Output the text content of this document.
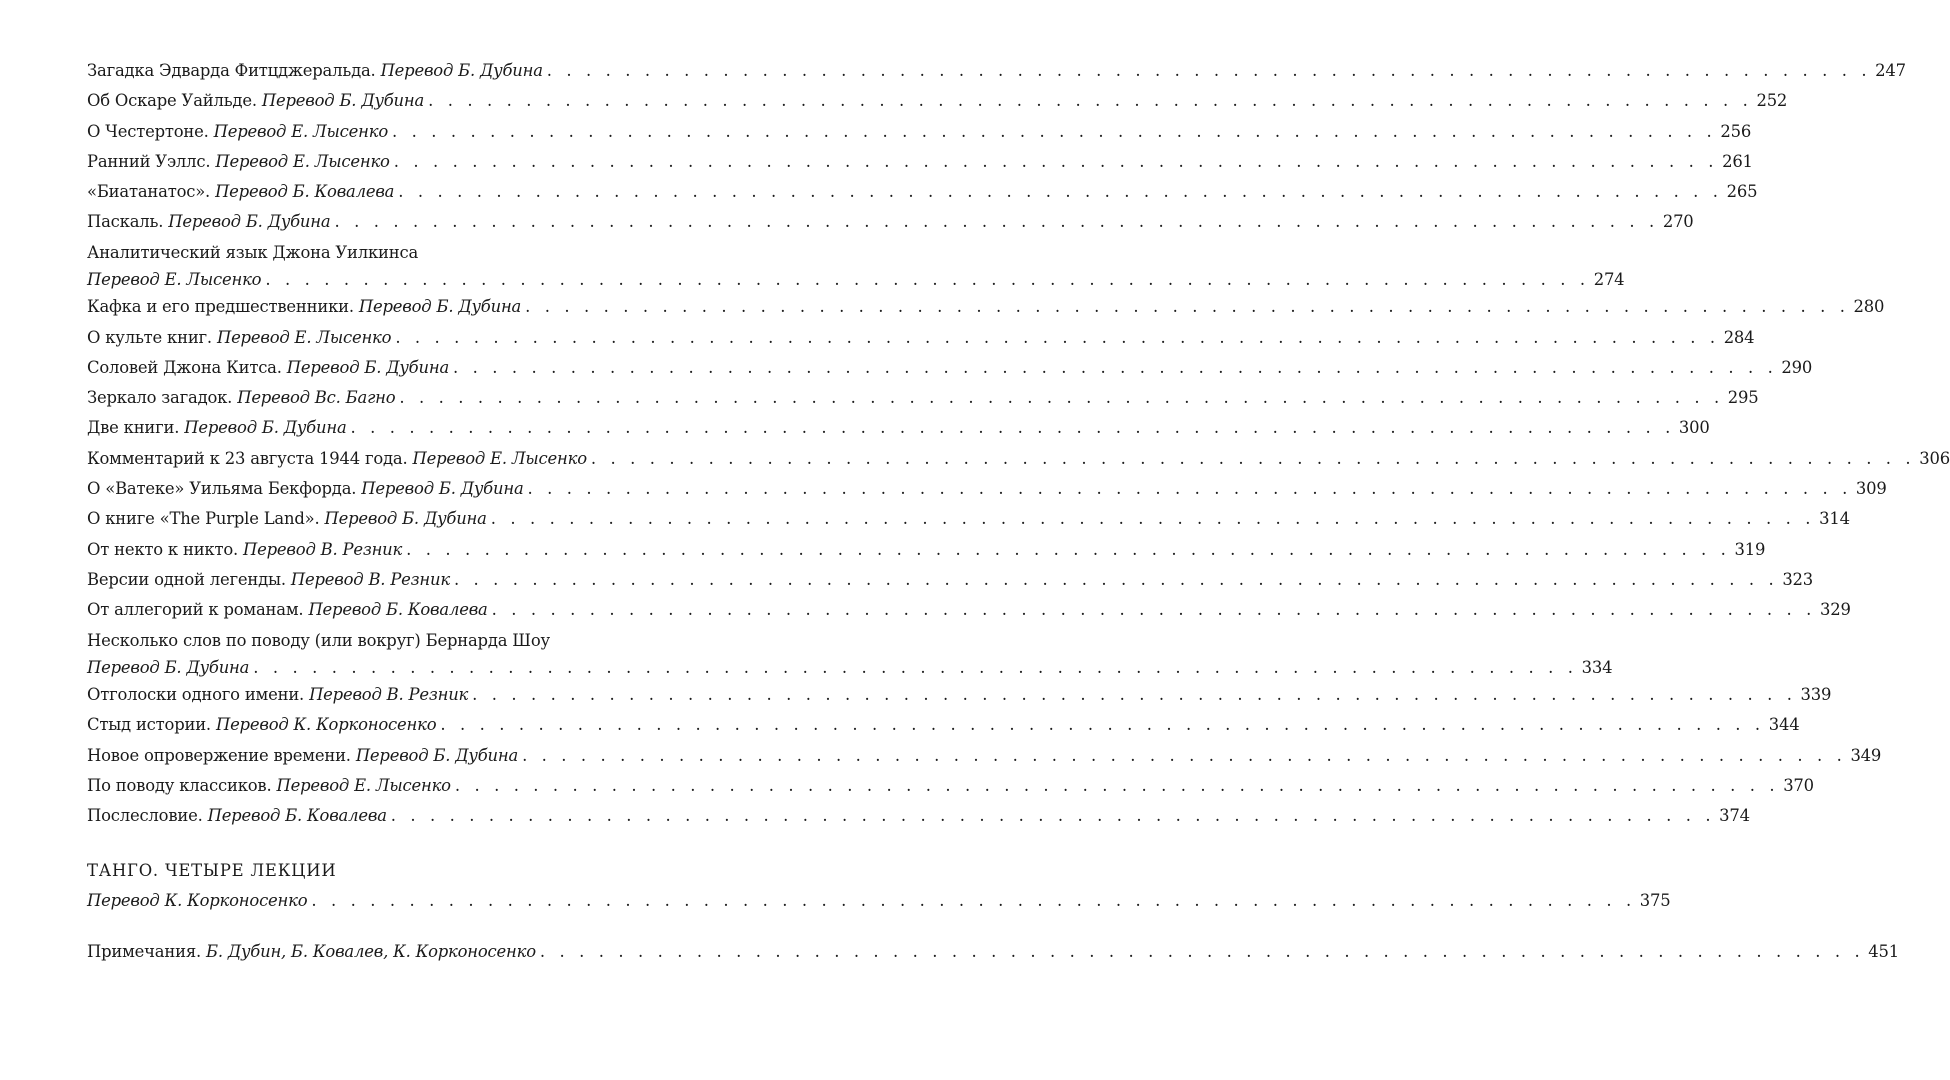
Загадка Эдварда Фитцджеральда. Перевод Б. Дубина . . . . . . . . . . . . . . . . . . . . . . . . . . . . . . . . . . . . . . . . . . . . . . . . . . . . . . . . . . . . . . . . . . . . 247
Об Оскаре Уайльде. Перевод Б. Дубина . . . . . . . . . . . . . . . . . . . . . . . . . . . . . . . . . . . . . . . . . . . . . . . . . . . . . . . . . . . . . . . . . . . . 252
О Честертоне. Перевод Е. Лысенко . . . . . . . . . . . . . . . . . . . . . . . . . . . . . . . . . . . . . . . . . . . . . . . . . . . . . . . . . . . . . . . . . . . . 256
Ранний Уэллс. Перевод Е. Лысенко . . . . . . . . . . . . . . . . . . . . . . . . . . . . . . . . . . . . . . . . . . . . . . . . . . . . . . . . . . . . . . . . . . . . 261
«Биатанатос». Перевод Б. Ковалева . . . . . . . . . . . . . . . . . . . . . . . . . . . . . . . . . . . . . . . . . . . . . . . . . . . . . . . . . . . . . . . . . . . . 265
Паскаль. Перевод Б. Дубина . . . . . . . . . . . . . . . . . . . . . . . . . . . . . . . . . . . . . . . . . . . . . . . . . . . . . . . . . . . . . . . . . . . . 270
Аналитический язык Джона Уилкинса
Перевод Е. Лысенко . . . . . . . . . . . . . . . . . . . . . . . . . . . . . . . . . . . . . . . . . . . . . . . . . . . . . . . . . . . . . . . . . . . . 274
Кафка и его предшественники. Перевод Б. Дубина . . . . . . . . . . . . . . . . . . . . . . . . . . . . . . . . . . . . . . . . . . . . . . . . . . . . . . . . . . . . . . . . . . . . 280
О культе книг. Перевод Е. Лысенко . . . . . . . . . . . . . . . . . . . . . . . . . . . . . . . . . . . . . . . . . . . . . . . . . . . . . . . . . . . . . . . . . . . . 284
Соловей Джона Китса. Перевод Б. Дубина . . . . . . . . . . . . . . . . . . . . . . . . . . . . . . . . . . . . . . . . . . . . . . . . . . . . . . . . . . . . . . . . . . . . 290
Зеркало загадок. Перевод Вс. Багно . . . . . . . . . . . . . . . . . . . . . . . . . . . . . . . . . . . . . . . . . . . . . . . . . . . . . . . . . . . . . . . . . . . . 295
Две книги. Перевод Б. Дубина . . . . . . . . . . . . . . . . . . . . . . . . . . . . . . . . . . . . . . . . . . . . . . . . . . . . . . . . . . . . . . . . . . . . 300
Комментарий к 23 августа 1944 года. Перевод Е. Лысенко . . . . . . . . . . . . . . . . . . . . . . . . . . . . . . . . . . . . . . . . . . . . . . . . . . . . . . . . . . . . . . . . . . . . 306
О «Ватеке» Уильяма Бекфорда. Перевод Б. Дубина . . . . . . . . . . . . . . . . . . . . . . . . . . . . . . . . . . . . . . . . . . . . . . . . . . . . . . . . . . . . . . . . . . . . 309
О книге «The Purple Land». Перевод Б. Дубина . . . . . . . . . . . . . . . . . . . . . . . . . . . . . . . . . . . . . . . . . . . . . . . . . . . . . . . . . . . . . . . . . . . . 314
От некто к никто. Перевод В. Резник . . . . . . . . . . . . . . . . . . . . . . . . . . . . . . . . . . . . . . . . . . . . . . . . . . . . . . . . . . . . . . . . . . . . 319
Версии одной легенды. Перевод В. Резник . . . . . . . . . . . . . . . . . . . . . . . . . . . . . . . . . . . . . . . . . . . . . . . . . . . . . . . . . . . . . . . . . . . . 323
От аллегорий к романам. Перевод Б. Ковалева . . . . . . . . . . . . . . . . . . . . . . . . . . . . . . . . . . . . . . . . . . . . . . . . . . . . . . . . . . . . . . . . . . . . 329
Несколько слов по поводу (или вокруг) Бернарда Шоу
Перевод Б. Дубина . . . . . . . . . . . . . . . . . . . . . . . . . . . . . . . . . . . . . . . . . . . . . . . . . . . . . . . . . . . . . . . . . . . . 334
Отголоски одного имени. Перевод В. Резник . . . . . . . . . . . . . . . . . . . . . . . . . . . . . . . . . . . . . . . . . . . . . . . . . . . . . . . . . . . . . . . . . . . . 339
Стыд истории. Перевод К. Корконосенко . . . . . . . . . . . . . . . . . . . . . . . . . . . . . . . . . . . . . . . . . . . . . . . . . . . . . . . . . . . . . . . . . . . . 344
Новое опровержение времени. Перевод Б. Дубина . . . . . . . . . . . . . . . . . . . . . . . . . . . . . . . . . . . . . . . . . . . . . . . . . . . . . . . . . . . . . . . . . . . . 349
По поводу классиков. Перевод Е. Лысенко . . . . . . . . . . . . . . . . . . . . . . . . . . . . . . . . . . . . . . . . . . . . . . . . . . . . . . . . . . . . . . . . . . . . 370
Послесловие. Перевод Б. Ковалева . . . . . . . . . . . . . . . . . . . . . . . . . . . . . . . . . . . . . . . . . . . . . . . . . . . . . . . . . . . . . . . . . . . . 374
ТАНГО. ЧЕТЫРЕ ЛЕКЦИИ
Перевод К. Корконосенко . . . . . . . . . . . . . . . . . . . . . . . . . . . . . . . . . . . . . . . . . . . . . . . . . . . . . . . . . . . . . . . . . . . . 375
Примечания. Б. Дубин, Б. Ковалев, К. Корконосенко . . . . . . . . . . . . . . . . . . . . . . . . . . . . . . . . . . . . . . . . . . . . . . . . . . . . . . . . . . . . . . . . . . . . 451
